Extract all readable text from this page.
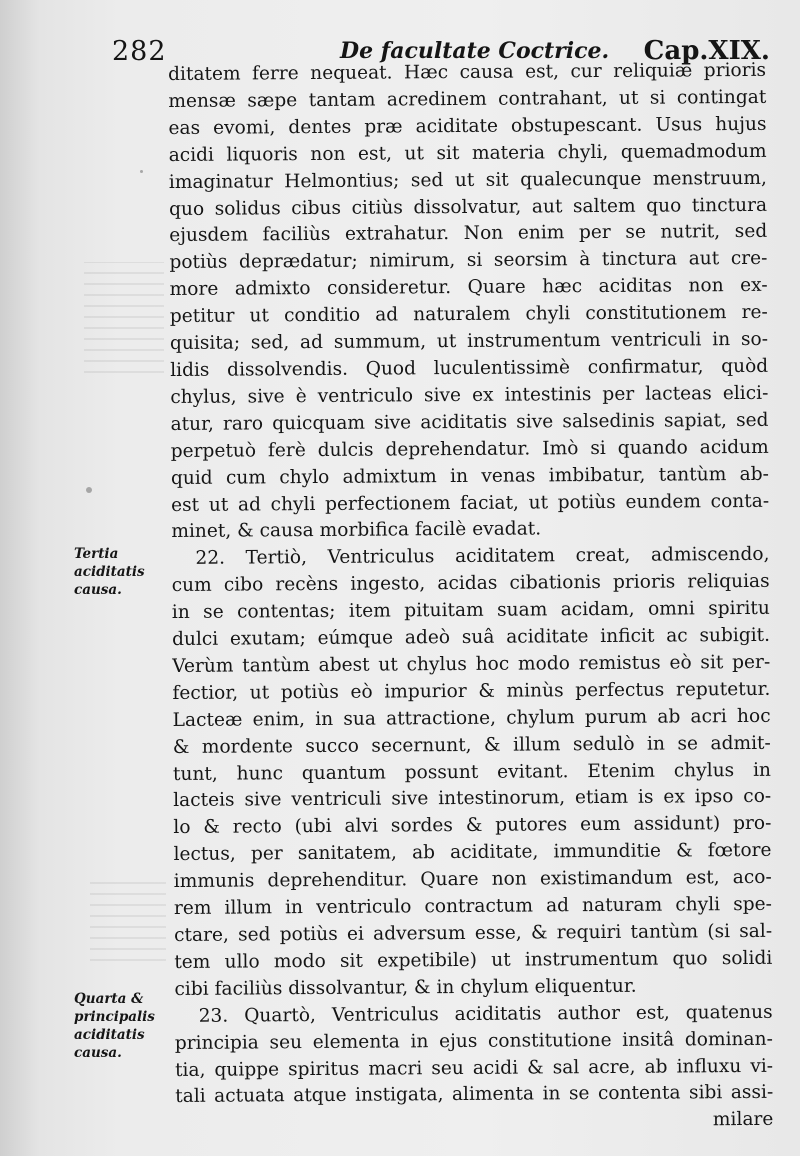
282	De facultate Coctrice. Cap.XIX.
Tertia aciditatis causa.
Quarta & principalis aciditatis causa.
ditatem ferre nequeat. Hæc causa est, cur reliquiæ prioris
mensæ sæpe tantam acredinem contrahant, ut si contingat
eas evomi, dentes præ aciditate obstupescant. Usus hujus
acidi liquoris non est, ut sit materia chyli, quemadmodum
imaginatur Helmontius; sed ut sit qualecunque menstruum,
quo solidus cibus citiùs dissolvatur, aut saltem quo tinctura
ejusdem faciliùs extrahatur. Non enim per se nutrit, sed
potiùs deprædatur; nimirum, si seorsim à tinctura aut cre-
more admixto consideretur. Quare hæc aciditas non ex-
petitur ut conditio ad naturalem chyli constitutionem re-
quisita; sed, ad summum, ut instrumentum ventriculi in so-
lidis dissolvendis. Quod luculentissimè confirmatur, quòd
chylus, sive è ventriculo sive ex intestinis per lacteas elici-
atur, raro quicquam sive aciditatis sive salsedinis sapiat, sed
perpetuò ferè dulcis deprehendatur. Imò si quando acidum
quid cum chylo admixtum in venas imbibatur, tantùm ab-
est ut ad chyli perfectionem faciat, ut potiùs eundem conta-
minet, & causa morbifica facilè evadat.
22. Tertiò, Ventriculus aciditatem creat, admiscendo,
cum cibo recèns ingesto, acidas cibationis prioris reliquias
in se contentas; item pituitam suam acidam, omni spiritu
dulci exutam; eúmque adeò suâ aciditate inficit ac subigit.
Verùm tantùm abest ut chylus hoc modo remistus eò sit per-
fectior, ut potiùs eò impurior & minùs perfectus reputetur.
Lacteæ enim, in sua attractione, chylum purum ab acri hoc
& mordente succo secernunt, & illum sedulò in se admit-
tunt, hunc quantum possunt evitant. Etenim chylus in
lacteis sive ventriculi sive intestinorum, etiam is ex ipso co-
lo & recto (ubi alvi sordes & putores eum assidunt) pro-
lectus, per sanitatem, ab aciditate, immunditie & fœtore
immunis deprehenditur. Quare non existimandum est, aco-
rem illum in ventriculo contractum ad naturam chyli spe-
ctare, sed potiùs ei adversum esse, & requiri tantùm (si sal-
tem ullo modo sit expetibile) ut instrumentum quo solidi
cibi faciliùs dissolvantur, & in chylum eliquentur.
23. Quartò, Ventriculus aciditatis author est, quatenus
principia seu elementa in ejus constitutione insitâ dominan-
tia, quippe spiritus macri seu acidi & sal acre, ab influxu vi-
tali actuata atque instigata, alimenta in se contenta sibi assi-
milare
